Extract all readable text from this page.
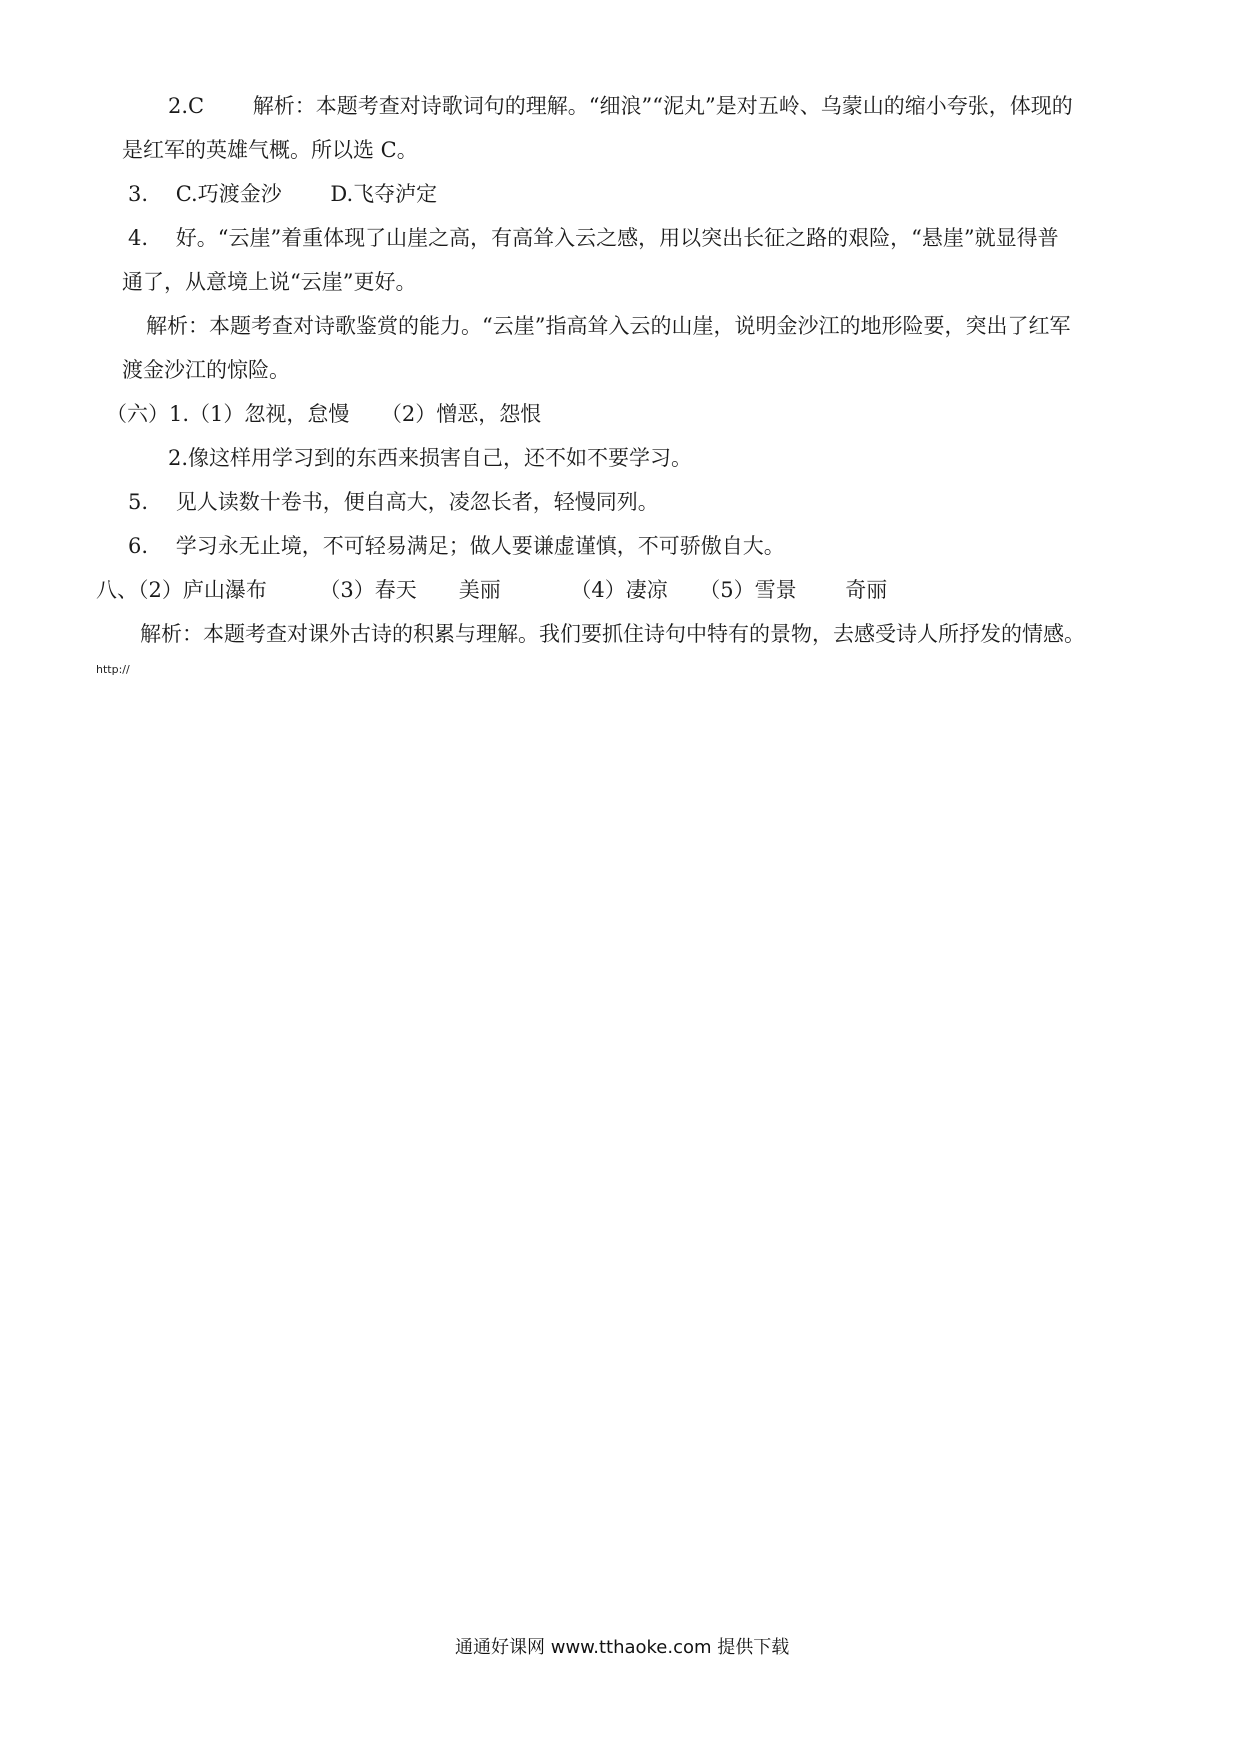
2.C　　 解析：本题考查对诗歌词句的理解。“细浪”“泥丸”是对五岭、乌蒙山的缩小夸张，体现的
是红军的英雄气概。所以选 C。
3.　 C.巧渡金沙　　 D.飞夺泸定
4.　 好。“云崖”着重体现了山崖之高，有高耸入云之感，用以突出长征之路的艰险，“悬崖”就显得普
通了，从意境上说“云崖”更好。
解析：本题考查对诗歌鉴赏的能力。“云崖”指高耸入云的山崖，说明金沙江的地形险要，突出了红军
渡金沙江的惊险。
（六）1.（1）忽视，怠慢　　（2）憎恶，怨恨
2.像这样用学习到的东西来损害自己，还不如不要学习。
5.　 见人读数十卷书，便自高大，凌忽长者，轻慢同列。
6.　 学习永无止境，不可轻易满足；做人要谦虚谨慎，不可骄傲自大。
八、（2）庐山瀑布　　　（3）春天　　美丽　　　 （4）凄凉　　（5）雪景　　 奇丽
解析：本题考查对课外古诗的积累与理解。我们要抓住诗句中特有的景物，去感受诗人所抒发的情感。
http://
通通好课网 www.tthaoke.com 提供下载
